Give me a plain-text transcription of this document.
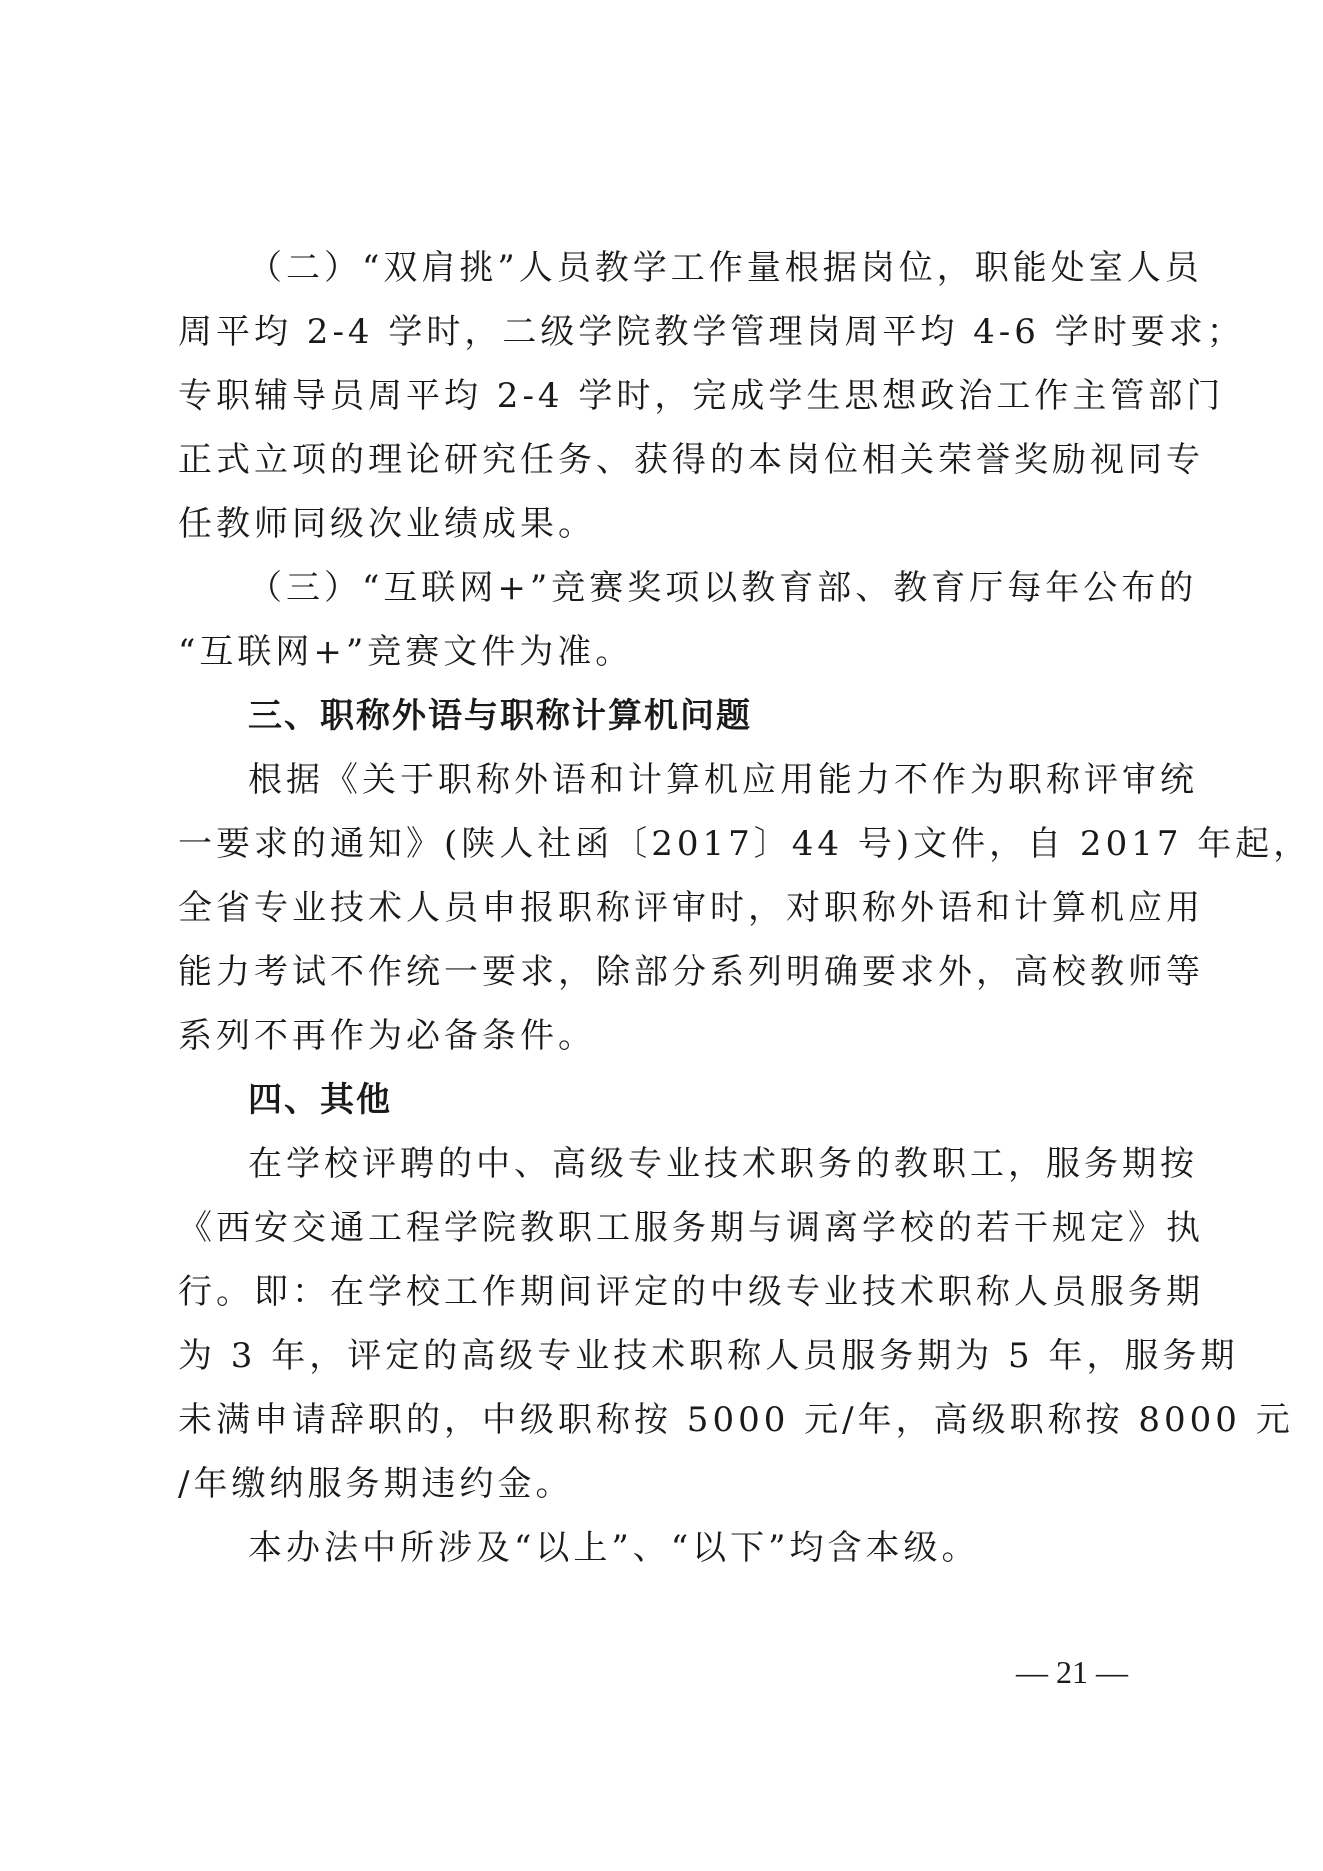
（二）“双肩挑”人员教学工作量根据岗位，职能处室人员
周平均 2-4 学时，二级学院教学管理岗周平均 4-6 学时要求；
专职辅导员周平均 2-4 学时，完成学生思想政治工作主管部门
正式立项的理论研究任务、获得的本岗位相关荣誉奖励视同专
任教师同级次业绩成果。
（三）“互联网+”竞赛奖项以教育部、教育厅每年公布的
“互联网+”竞赛文件为准。
三、职称外语与职称计算机问题
根据《关于职称外语和计算机应用能力不作为职称评审统
一要求的通知》(陕人社函〔2017〕44 号)文件，自 2017 年起，
全省专业技术人员申报职称评审时，对职称外语和计算机应用
能力考试不作统一要求，除部分系列明确要求外，高校教师等
系列不再作为必备条件。
四、其他
在学校评聘的中、高级专业技术职务的教职工，服务期按
《西安交通工程学院教职工服务期与调离学校的若干规定》执
行。即：在学校工作期间评定的中级专业技术职称人员服务期
为 3 年，评定的高级专业技术职称人员服务期为 5 年，服务期
未满申请辞职的，中级职称按 5000 元/年，高级职称按 8000 元
/年缴纳服务期违约金。
本办法中所涉及“以上”、“以下”均含本级。
— 21 —
